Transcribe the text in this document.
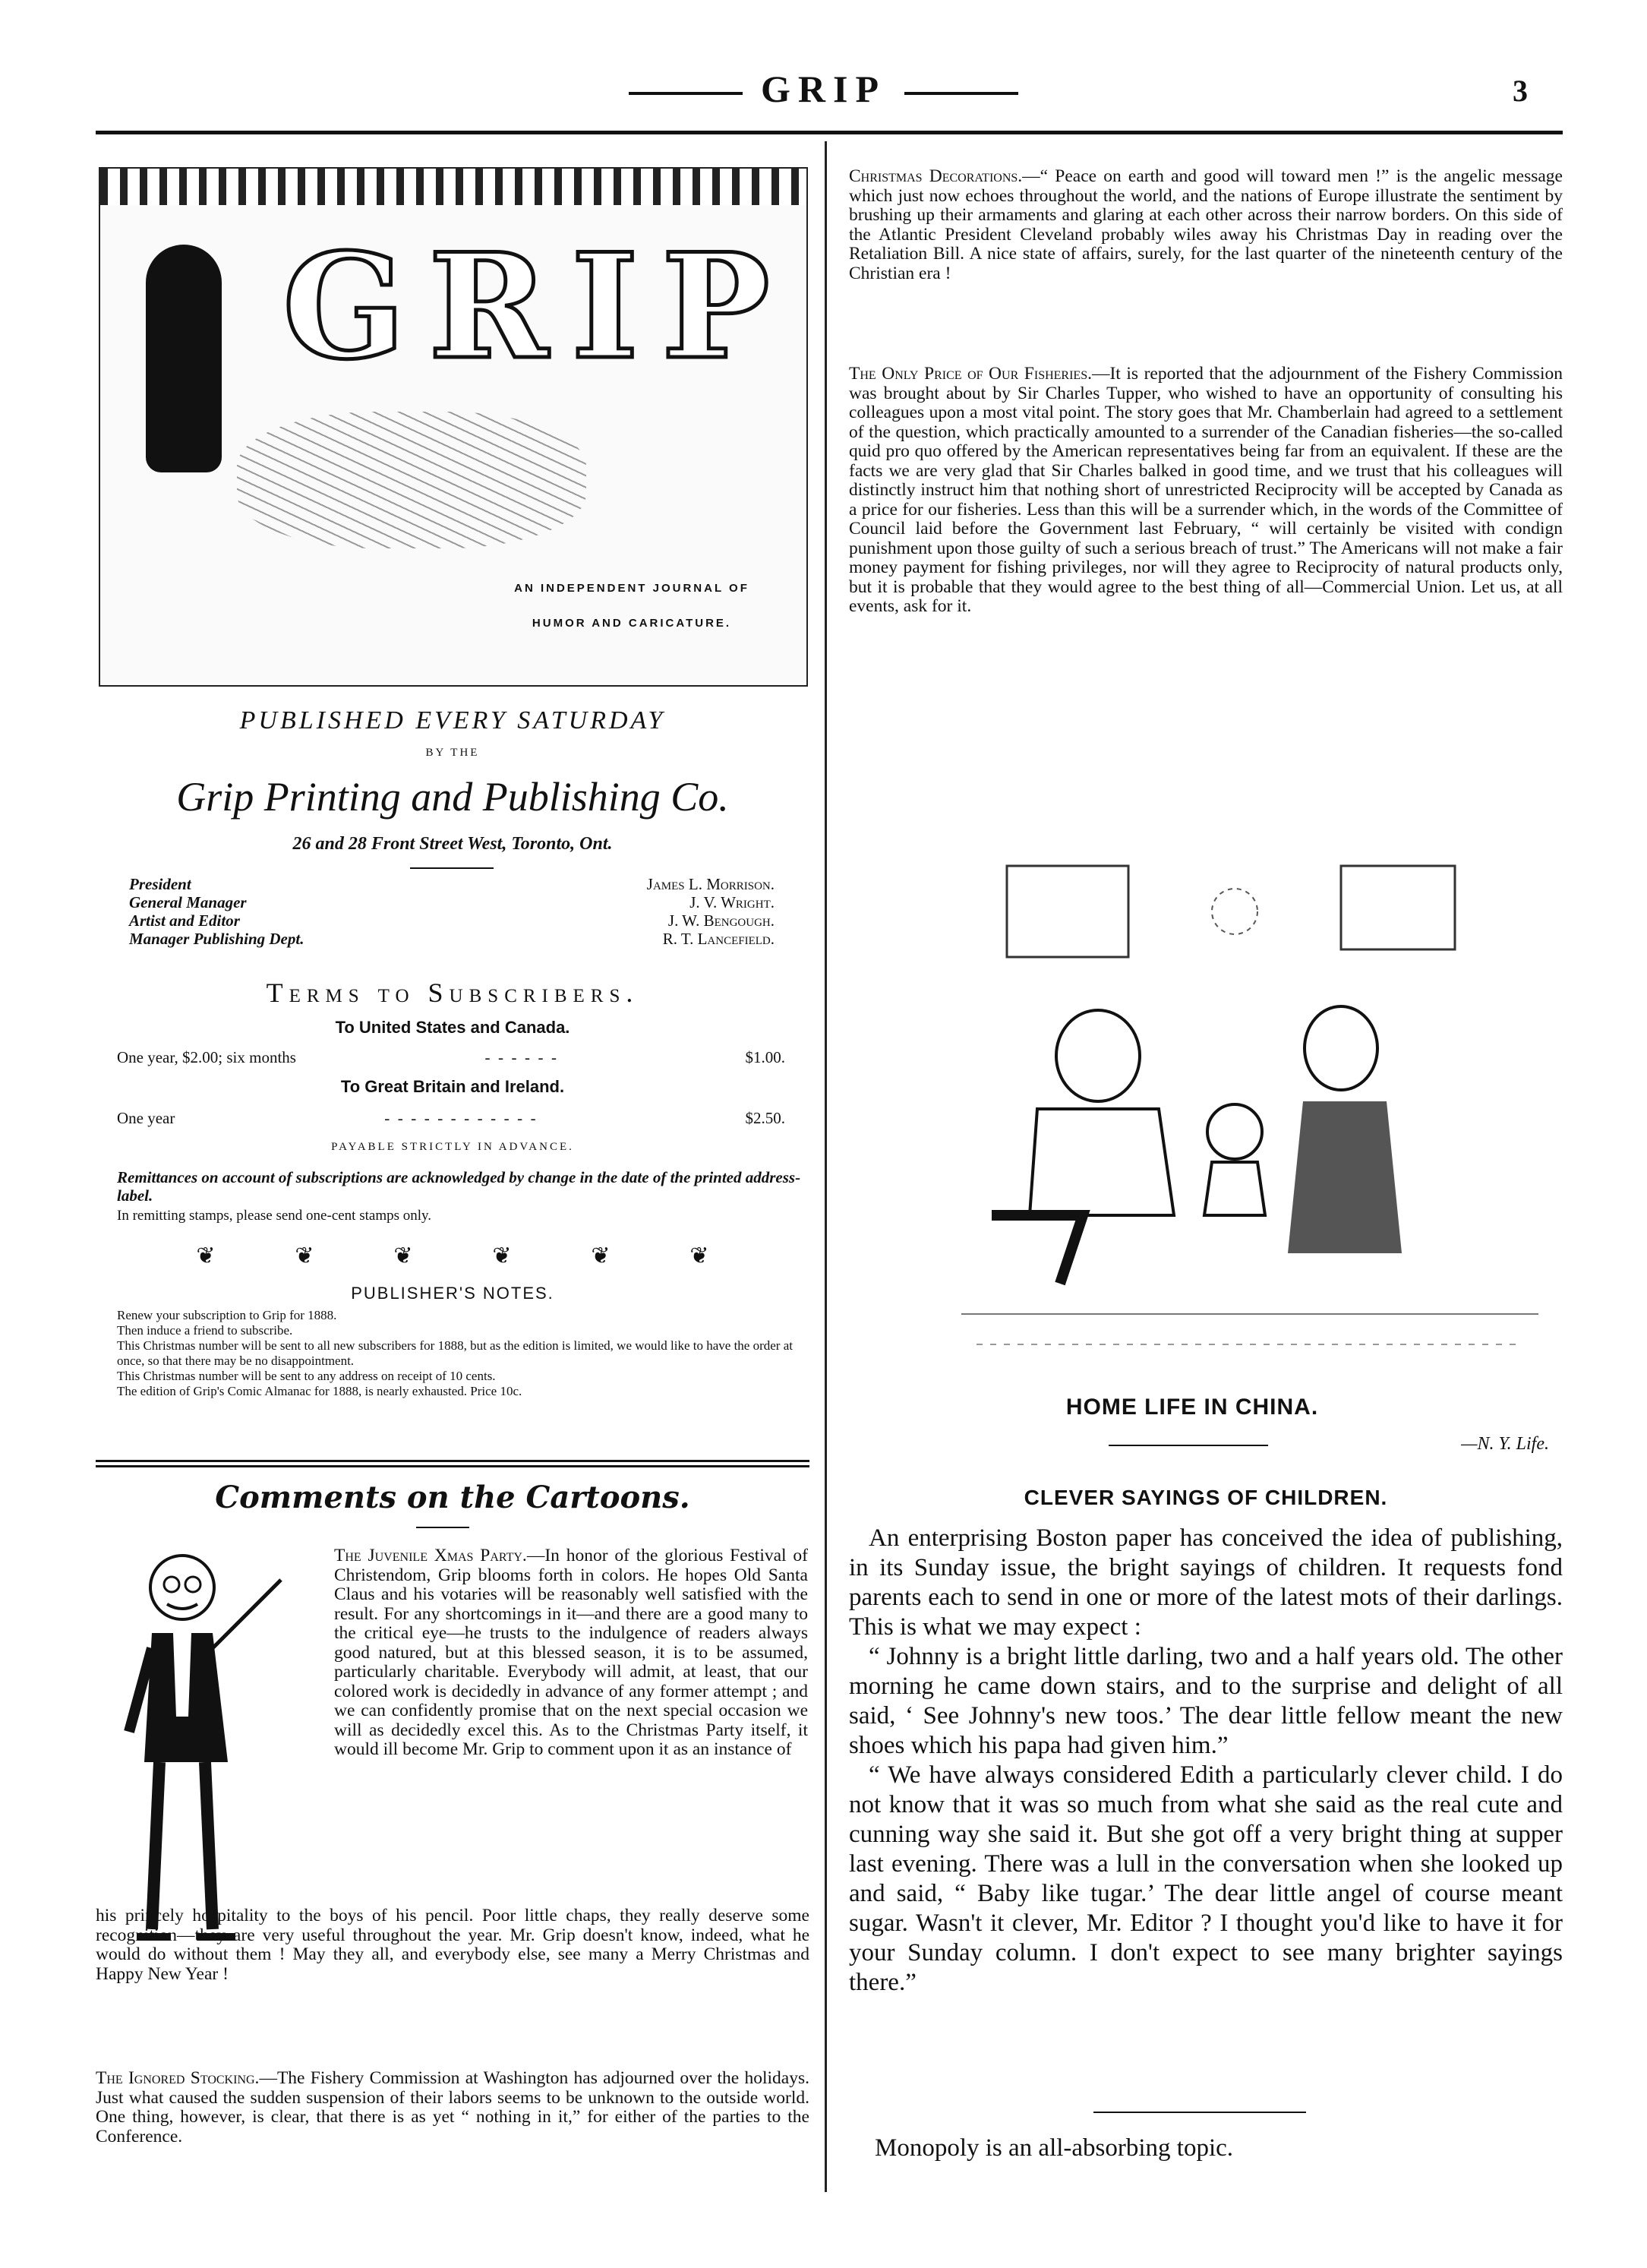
GRIP	3
GRIP
AN INDEPENDENT JOURNAL OF
HUMOR AND CARICATURE.
PUBLISHED EVERY SATURDAY
BY THE
Grip Printing and Publishing Co.
26 and 28 Front Street West, Toronto, Ont.
President	James L. Morrison.
General Manager	J. V. Wright.
Artist and Editor	J. W. Bengough.
Manager Publishing Dept.	R. T. Lancefield.
Terms to Subscribers.
To United States and Canada.
One year, $2.00; six months	-  -  -  -  -  -	$1.00.
To Great Britain and Ireland.
One year	-  -  -  -  -  -  -  -  -  -  -  -	$2.50.
PAYABLE STRICTLY IN ADVANCE.
Remittances on account of subscriptions are acknowledged by change in the date of the printed address-label.
In remitting stamps, please send one-cent stamps only.
❦	❦	❦	❦	❦	❦
PUBLISHER'S NOTES.

Renew your subscription to Grip for 1888.

Then induce a friend to subscribe.

This Christmas number will be sent to all new subscribers for 1888, but as the edition is limited, we would like to have the order at once, so that there may be no disappointment.

This Christmas number will be sent to any address on receipt of 10 cents.

The edition of Grip's Comic Almanac for 1888, is nearly exhausted. Price 10c.

Comments on the Cartoons.
The Juvenile Xmas Party.—In honor of the glorious Festival of Christendom, Grip blooms forth in colors. He hopes Old Santa Claus and his votaries will be reasonably well satisfied with the result. For any shortcomings in it—and there are a good many to the critical eye—he trusts to the indulgence of readers always good natured, but at this blessed season, it is to be assumed, particularly charitable. Everybody will admit, at least, that our colored work is decidedly in advance of any former attempt ; and we can confidently promise that on the next special occasion we will as decidedly excel this. As to the Christmas Party itself, it would ill become Mr. Grip to comment upon it as an instance of
his princely hospitality to the boys of his pencil. Poor little chaps, they really deserve some recognition—they are very useful throughout the year. Mr. Grip doesn't know, indeed, what he would do without them ! May they all, and everybody else, see many a Merry Christmas and Happy New Year !
The Ignored Stocking.—The Fishery Commission at Washington has adjourned over the holidays. Just what caused the sudden suspension of their labors seems to be unknown to the outside world. One thing, however, is clear, that there is as yet “ nothing in it,” for either of the parties to the Conference.
Christmas Decorations.—“ Peace on earth and good will toward men !” is the angelic message which just now echoes throughout the world, and the nations of Europe illustrate the sentiment by brushing up their armaments and glaring at each other across their narrow borders. On this side of the Atlantic President Cleveland probably wiles away his Christmas Day in reading over the Retaliation Bill. A nice state of affairs, surely, for the last quarter of the nineteenth century of the Christian era !
The Only Price of Our Fisheries.—It is reported that the adjournment of the Fishery Commission was brought about by Sir Charles Tupper, who wished to have an opportunity of consulting his colleagues upon a most vital point. The story goes that Mr. Chamberlain had agreed to a settlement of the question, which practically amounted to a surrender of the Canadian fisheries—the so-called quid pro quo offered by the American representatives being far from an equivalent. If these are the facts we are very glad that Sir Charles balked in good time, and we trust that his colleagues will distinctly instruct him that nothing short of unrestricted Reciprocity will be accepted by Canada as a price for our fisheries. Less than this will be a surrender which, in the words of the Committee of Council laid before the Government last February, “ will certainly be visited with condign punishment upon those guilty of such a serious breach of trust.” The Americans will not make a fair money payment for fishing privileges, nor will they agree to Reciprocity of natural products only, but it is probable that they would agree to the best thing of all—Commercial Union. Let us, at all events, ask for it.
HOME LIFE IN CHINA.
—N. Y. Life.
CLEVER SAYINGS OF CHILDREN.

An enterprising Boston paper has conceived the idea of publishing, in its Sunday issue, the bright sayings of children. It requests fond parents each to send in one or more of the latest mots of their darlings. This is what we may expect :

“ Johnny is a bright little darling, two and a half years old. The other morning he came down stairs, and to the surprise and delight of all said, ‘ See Johnny's new toos.’ The dear little fellow meant the new shoes which his papa had given him.”

“ We have always considered Edith a particularly clever child. I do not know that it was so much from what she said as the real cute and cunning way she said it. But she got off a very bright thing at supper last evening. There was a lull in the conversation when she looked up and said, “ Baby like tugar.’ The dear little angel of course meant sugar. Wasn't it clever, Mr. Editor ? I thought you'd like to have it for your Sunday column. I don't expect to see many brighter sayings there.”

Monopoly is an all-absorbing topic.
